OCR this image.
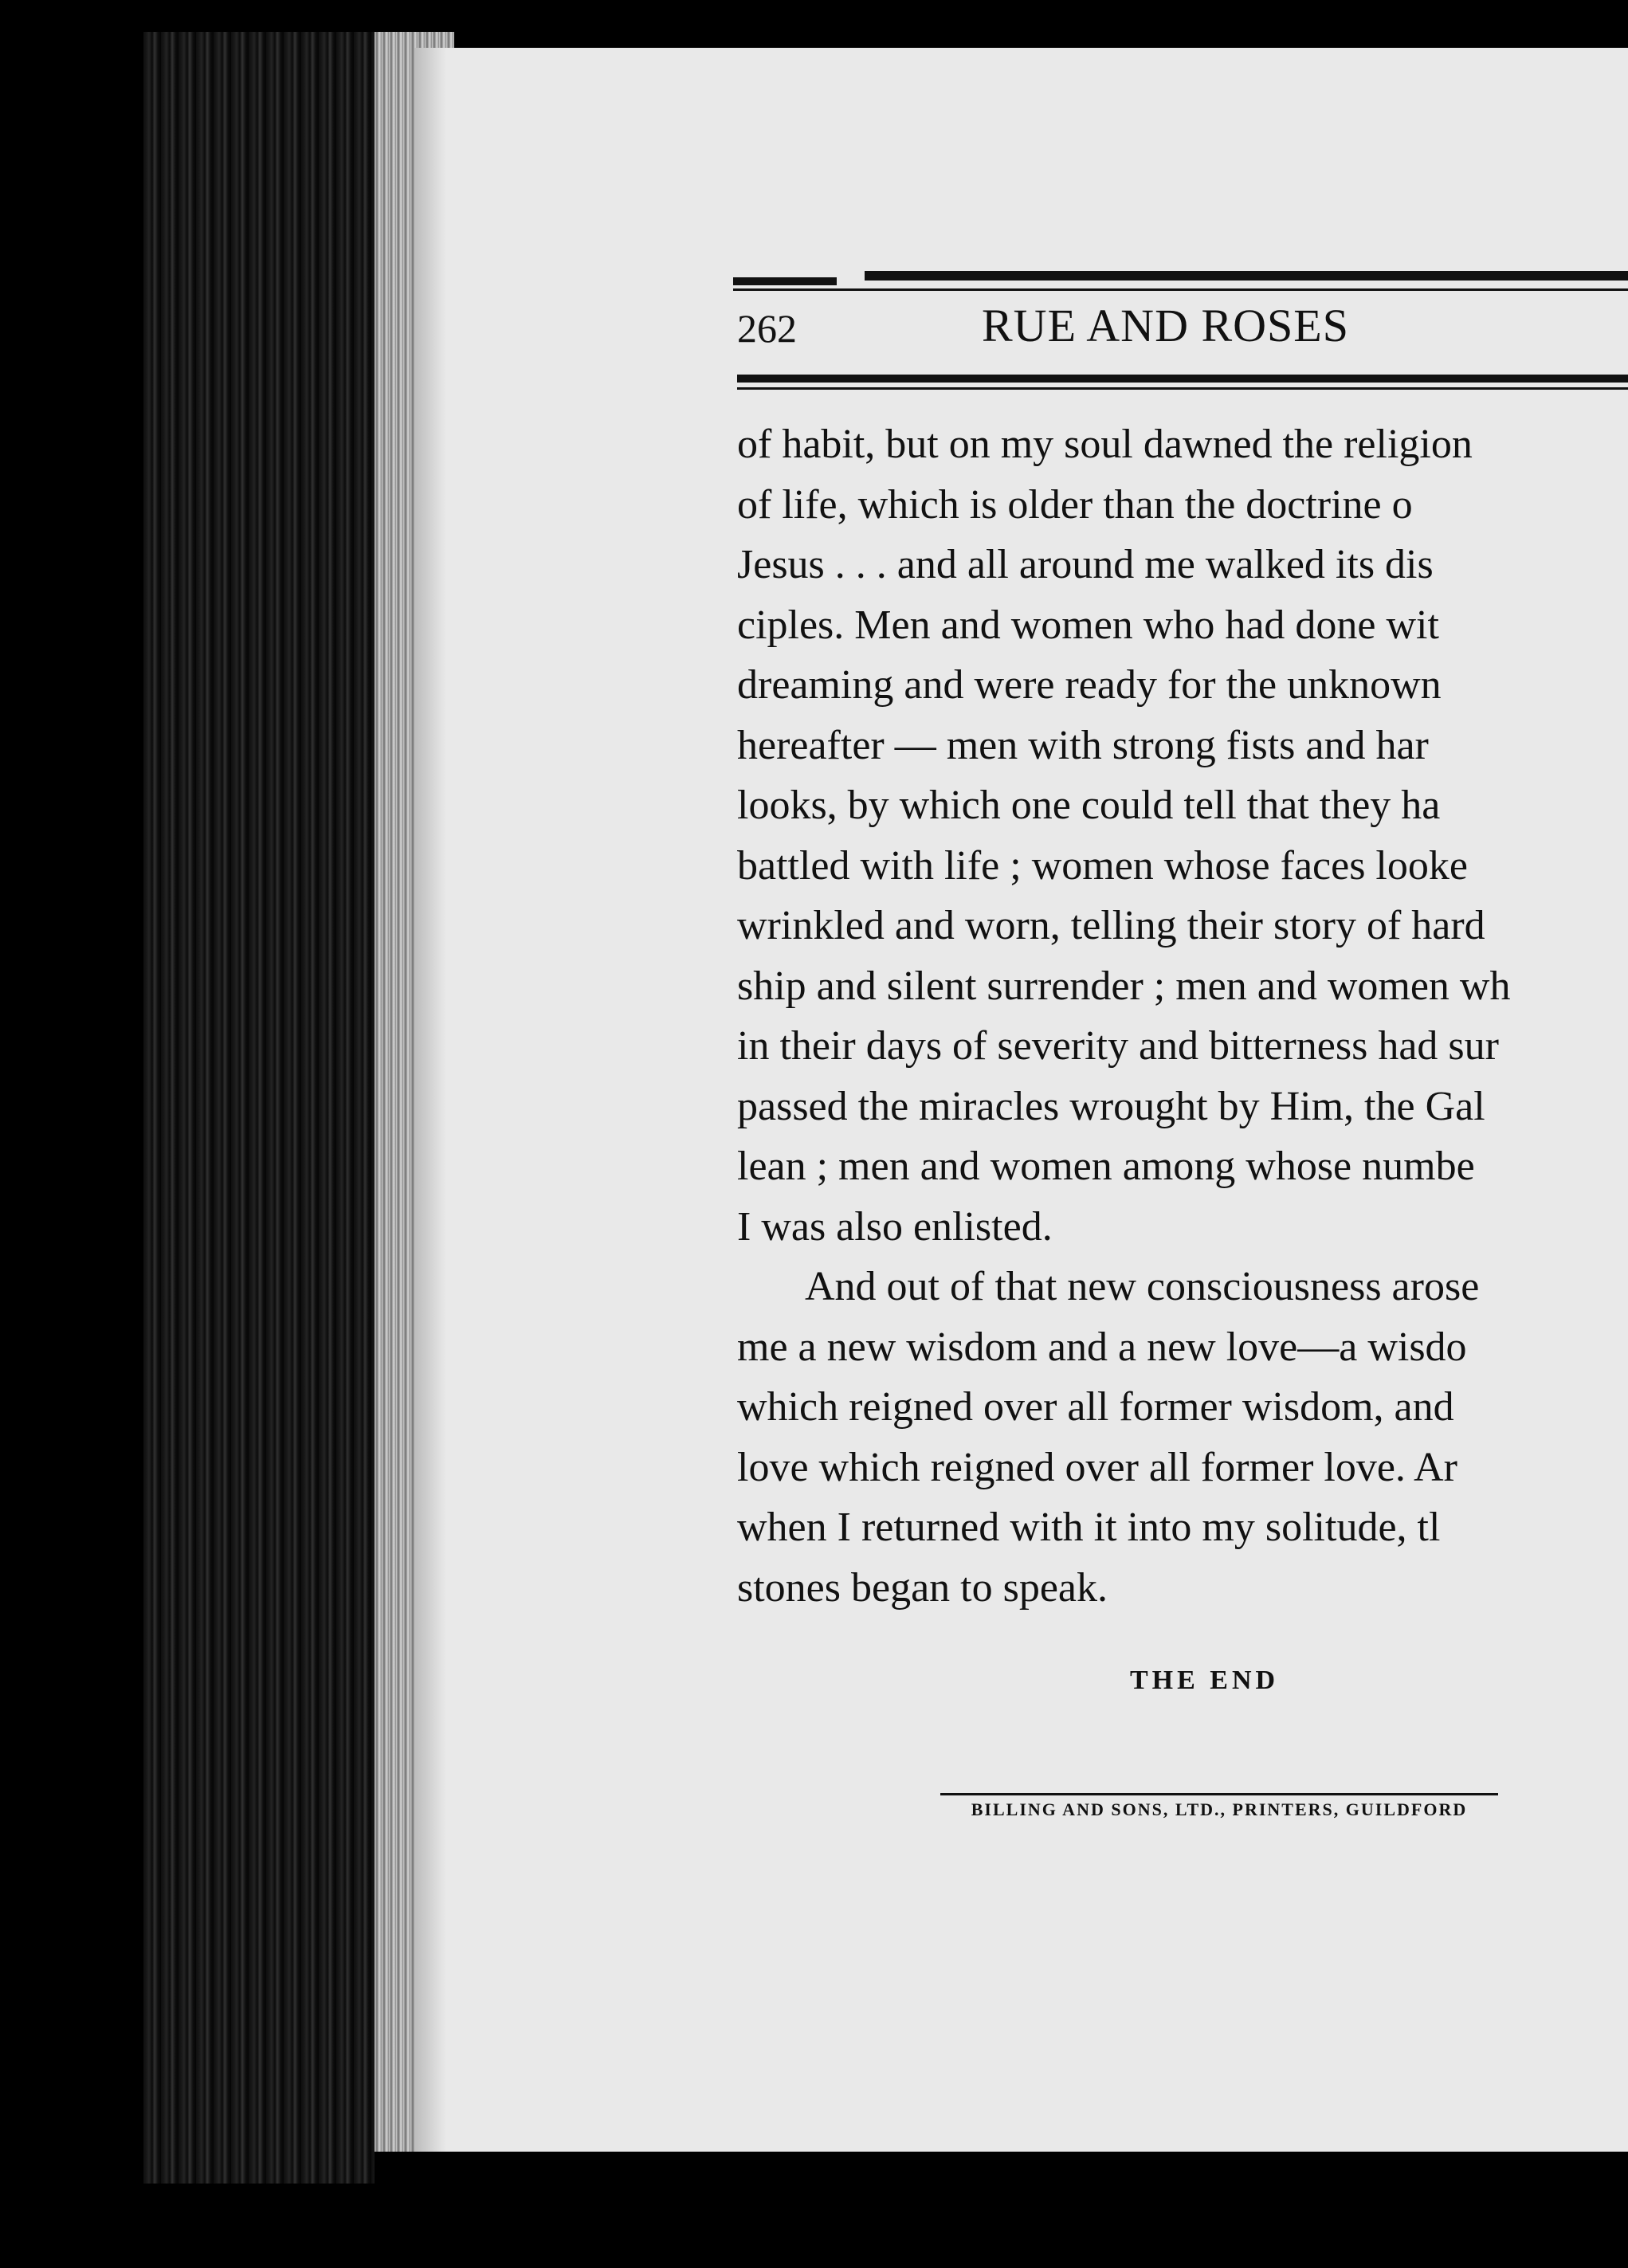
262	RUE AND ROSES
of habit, but on my soul dawned the religion
of life, which is older than the doctrine o
Jesus . . . and all around me walked its dis
ciples. Men and women who had done wit
dreaming and were ready for the unknown
hereafter — men with strong fists and har
looks, by which one could tell that they ha
battled with life ; women whose faces looke
wrinkled and worn, telling their story of hard
ship and silent surrender ; men and women wh
in their days of severity and bitterness had sur
passed the miracles wrought by Him, the Gal
lean ; men and women among whose numbe
I was also enlisted.
And out of that new consciousness arose
me a new wisdom and a new love—a wisdo
which reigned over all former wisdom, and
love which reigned over all former love. Ar
when I returned with it into my solitude, tl
stones began to speak.
THE END
BILLING AND SONS, LTD., PRINTERS, GUILDFORD
